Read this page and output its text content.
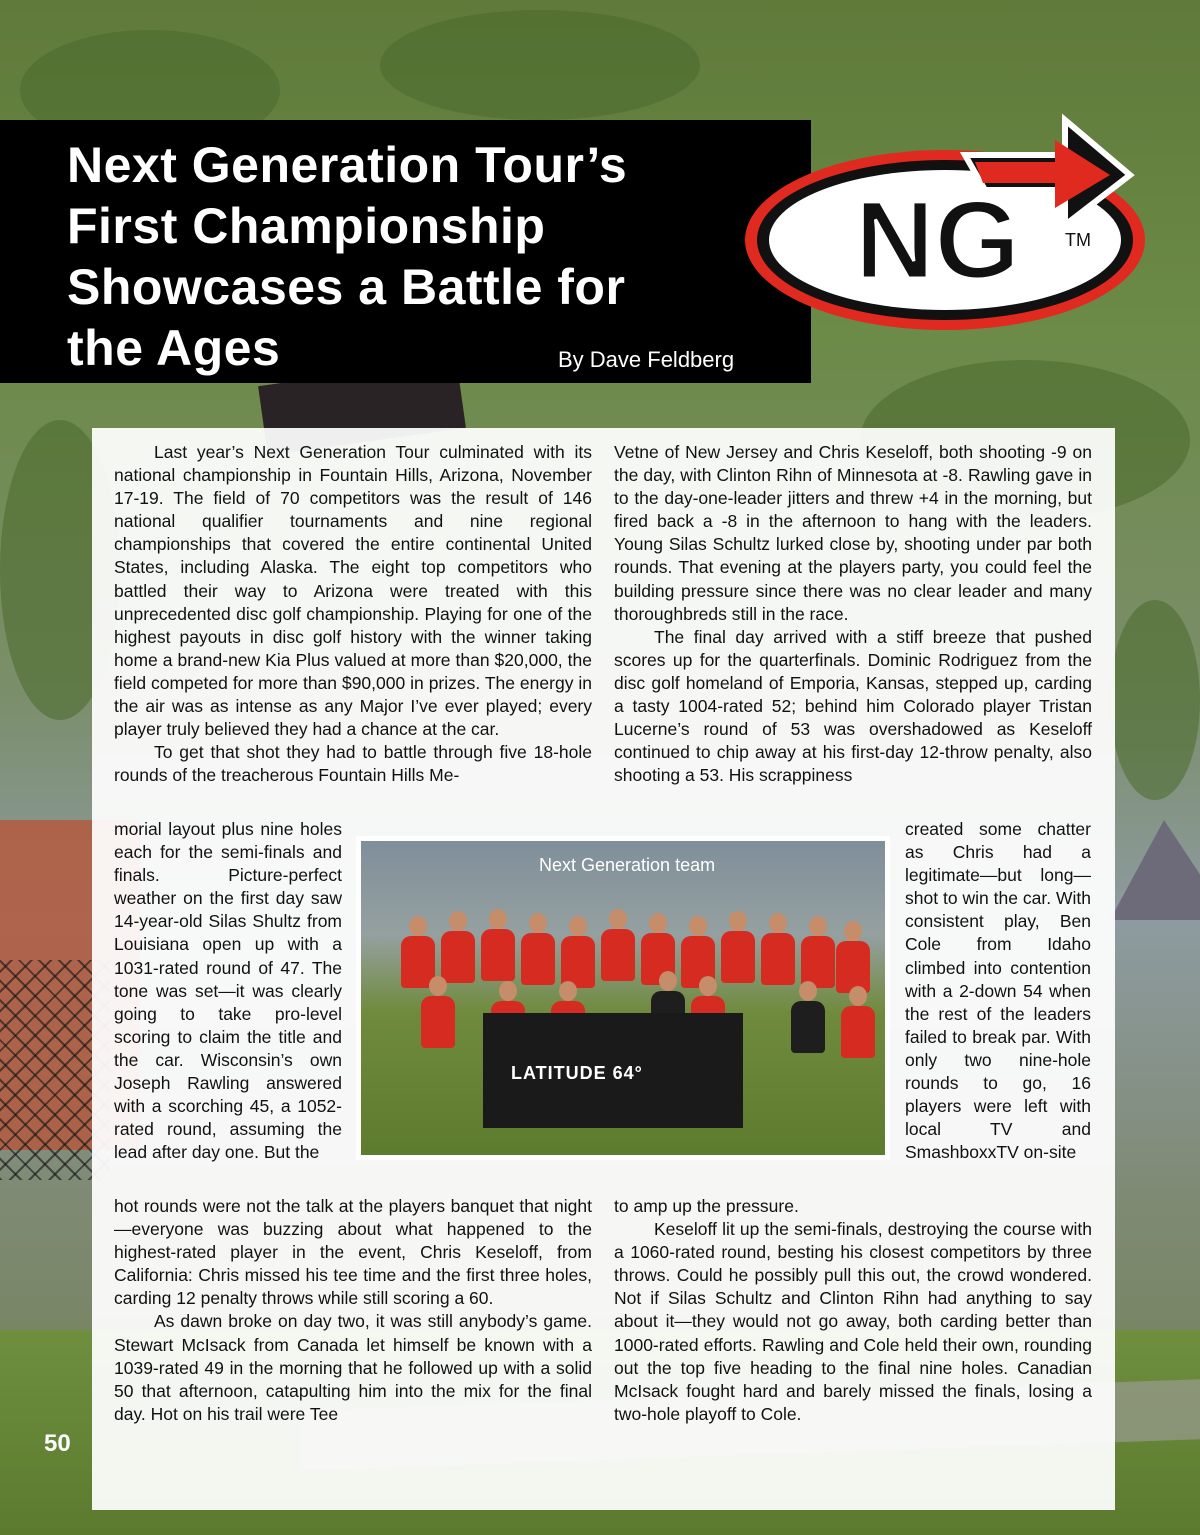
Next Generation Tour’s First Championship Showcases a Battle for the Ages	By Dave Feldberg
NG	TM

Last year’s Next Generation Tour culminated with its national championship in Fountain Hills, Arizona, November 17-19. The field of 70 competitors was the result of 146 national qualifier tournaments and nine regional championships that covered the entire continental United States, including Alaska. The eight top competitors who battled their way to Arizona were treated with this unprecedented disc golf championship. Playing for one of the highest payouts in disc golf history with the winner taking home a brand-new Kia Plus valued at more than $20,000, the field competed for more than $90,000 in prizes. The energy in the air was as intense as any Major I’ve ever played; every player truly believed they had a chance at the car.

To get that shot they had to battle through five 18-hole rounds of the treacherous Fountain Hills Me-

morial layout plus nine holes each for the semi-finals and finals. Picture-perfect weather on the first day saw 14-year-old Silas Shultz from Louisiana open up with a 1031-rated round of 47. The tone was set—it was clearly going to take pro-level scoring to claim the title and the car. Wisconsin’s own Joseph Rawling answered with a scorching 45, a 1052-rated round, assuming the lead after day one. But the

hot rounds were not the talk at the players banquet that night—everyone was buzzing about what happened to the highest-rated player in the event, Chris Keseloff, from California: Chris missed his tee time and the first three holes, carding 12 penalty throws while still scoring a 60.

As dawn broke on day two, it was still anybody’s game. Stewart McIsack from Canada let himself be known with a 1039-rated 49 in the morning that he followed up with a solid 50 that afternoon, catapulting him into the mix for the final day. Hot on his trail were Tee

Vetne of New Jersey and Chris Keseloff, both shooting -9 on the day, with Clinton Rihn of Minnesota at -8. Rawling gave in to the day-one-leader jitters and threw +4 in the morning, but fired back a -8 in the afternoon to hang with the leaders. Young Silas Schultz lurked close by, shooting under par both rounds. That evening at the players party, you could feel the building pressure since there was no clear leader and many thoroughbreds still in the race.

The final day arrived with a stiff breeze that pushed scores up for the quarterfinals. Dominic Rodriguez from the disc golf homeland of Emporia, Kansas, stepped up, carding a tasty 1004-rated 52; behind him Colorado player Tristan Lucerne’s round of 53 was overshadowed as Keseloff continued to chip away at his first-day 12-throw penalty, also shooting a 53. His scrappiness

created some chatter as Chris had a legitimate—but long—shot to win the car. With consistent play, Ben Cole from Idaho climbed into contention with a 2-down 54 when the rest of the leaders failed to break par. With only two nine-hole rounds to go, 16 players were left with local TV and SmashboxxTV on-site

to amp up the pressure.

Keseloff lit up the semi-finals, destroying the course with a 1060-rated round, besting his closest competitors by three throws. Could he possibly pull this out, the crowd wondered. Not if Silas Schultz and Clinton Rihn had anything to say about it—they would not go away, both carding better than 1000-rated efforts. Rawling and Cole held their own, rounding out the top five heading to the final nine holes. Canadian McIsack fought hard and barely missed the finals, losing a two-hole playoff to Cole.

LATITUDE 64°
Next Generation team
50
